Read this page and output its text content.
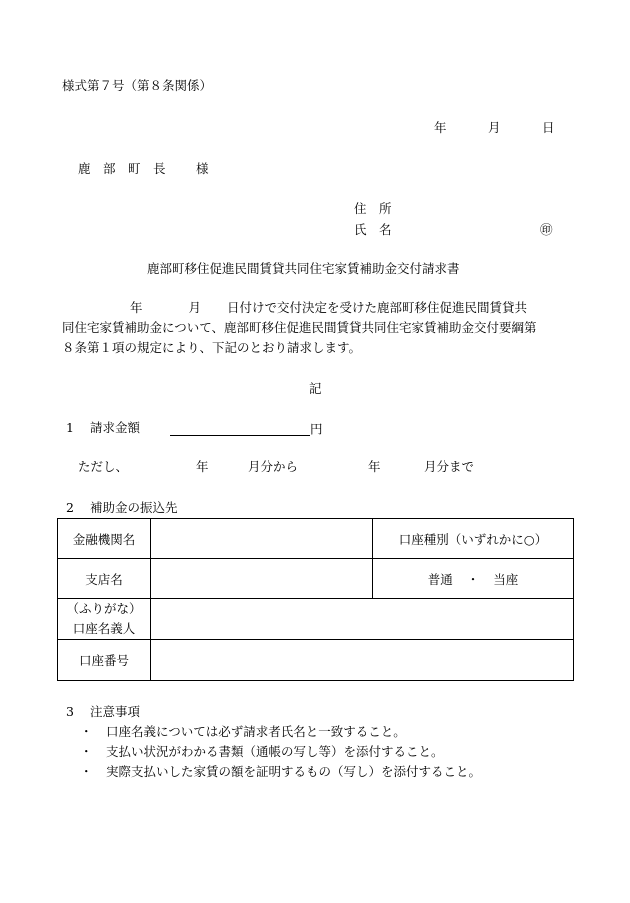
様式第７号（第８条関係）
年	月	日
鹿　部　町　長 様
住　所
氏　名	㊞
鹿部町移住促進民間賃貸共同住宅家賃補助金交付請求書
年	月 日付けで交付決定を受けた鹿部町移住促進民間賃貸共
同住宅家賃補助金について、鹿部町移住促進民間賃貸共同住宅家賃補助金交付要綱第
８条第１項の規定により、下記のとおり請求します。
記
1 請求金額	円
ただし、	年	月分から	年	月分まで
2 補助金の振込先
金融機関名		口座種別（いずれかに○）
支店名		普通 ・ 当座

（ふりがな）
口座名義人		

口座番号		
3 注意事項
・ 口座名義については必ず請求者氏名と一致すること。
・ 支払い状況がわかる書類（通帳の写し等）を添付すること。
・ 実際支払いした家賃の額を証明するもの（写し）を添付すること。
